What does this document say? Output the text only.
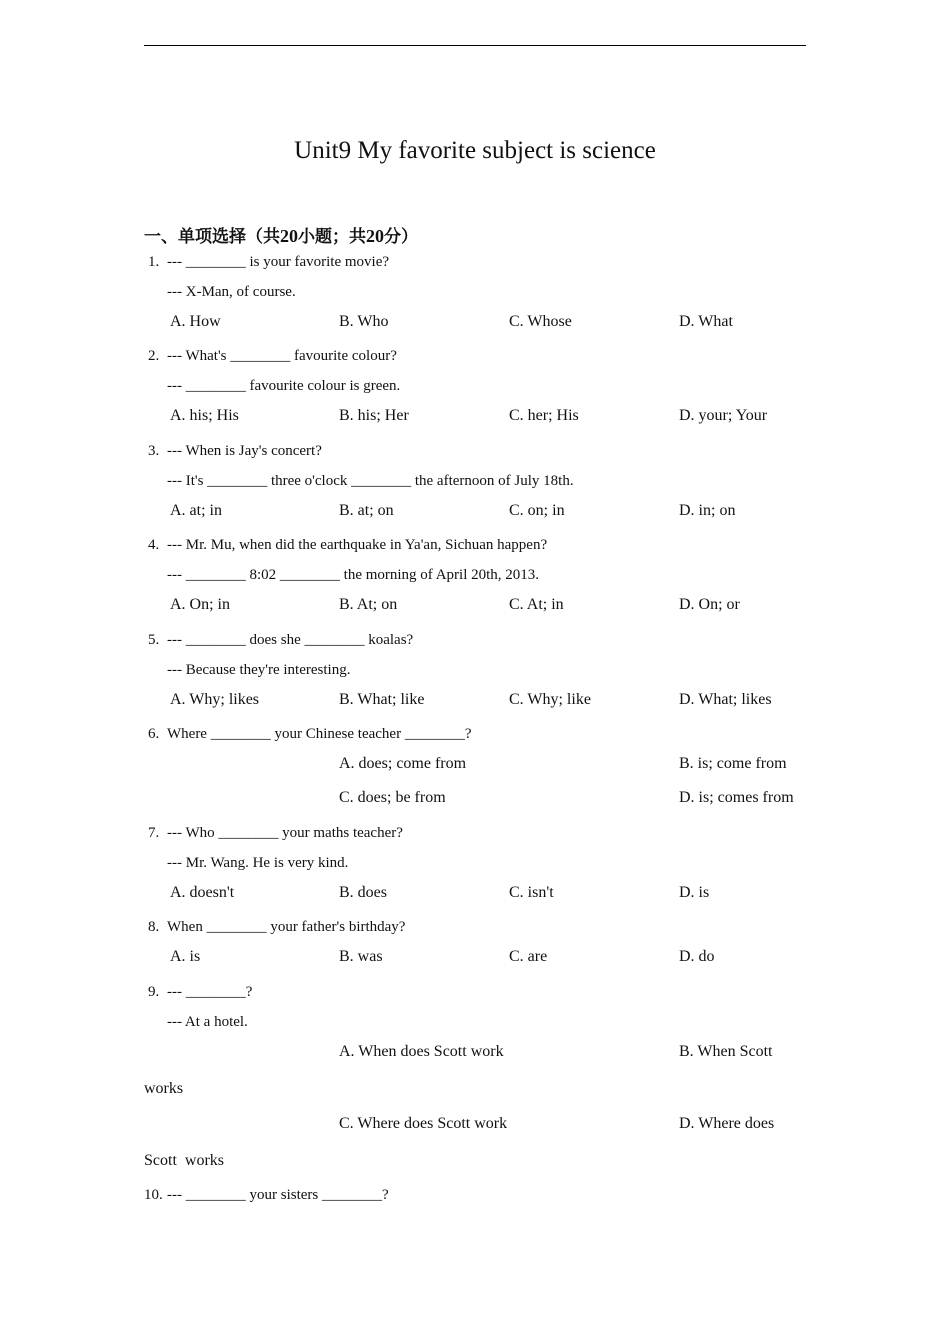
Unit9 My favorite subject is science
一、单项选择（共20小题；共20分）
1. --- ________ is your favorite movie?
--- X-Man, of course.
A. How	B. Who	C. Whose	D. What
2. --- What's ________ favourite colour?
--- ________ favourite colour is green.
A. his; His	B. his; Her	C. her; His	D. your; Your
3. --- When is Jay's concert?
--- It's ________ three o'clock ________ the afternoon of July 18th.
A. at; in	B. at; on	C. on; in	D. in; on
4. --- Mr. Mu, when did the earthquake in Ya'an, Sichuan happen?
--- ________ 8:02 ________ the morning of April 20th, 2013.
A. On; in	B. At; on	C. At; in	D. On; or
5. --- ________ does she ________ koalas?
--- Because they're interesting.
A. Why; likes	B. What; like	C. Why; like	D. What; likes
6. Where ________ your Chinese teacher ________?
A. does; come from	B. is; come from
C. does; be from	D. is; comes from
7. --- Who ________ your maths teacher?
--- Mr. Wang. He is very kind.
A. doesn't	B. does	C. isn't	D. is
8. When ________ your father's birthday?
A. is	B. was	C. are	D. do
9. --- ________?
--- At a hotel.
A. When does Scott work	B. When Scott
works
C. Where does Scott work	D. Where does
Scott  works
10. --- ________ your sisters ________?
